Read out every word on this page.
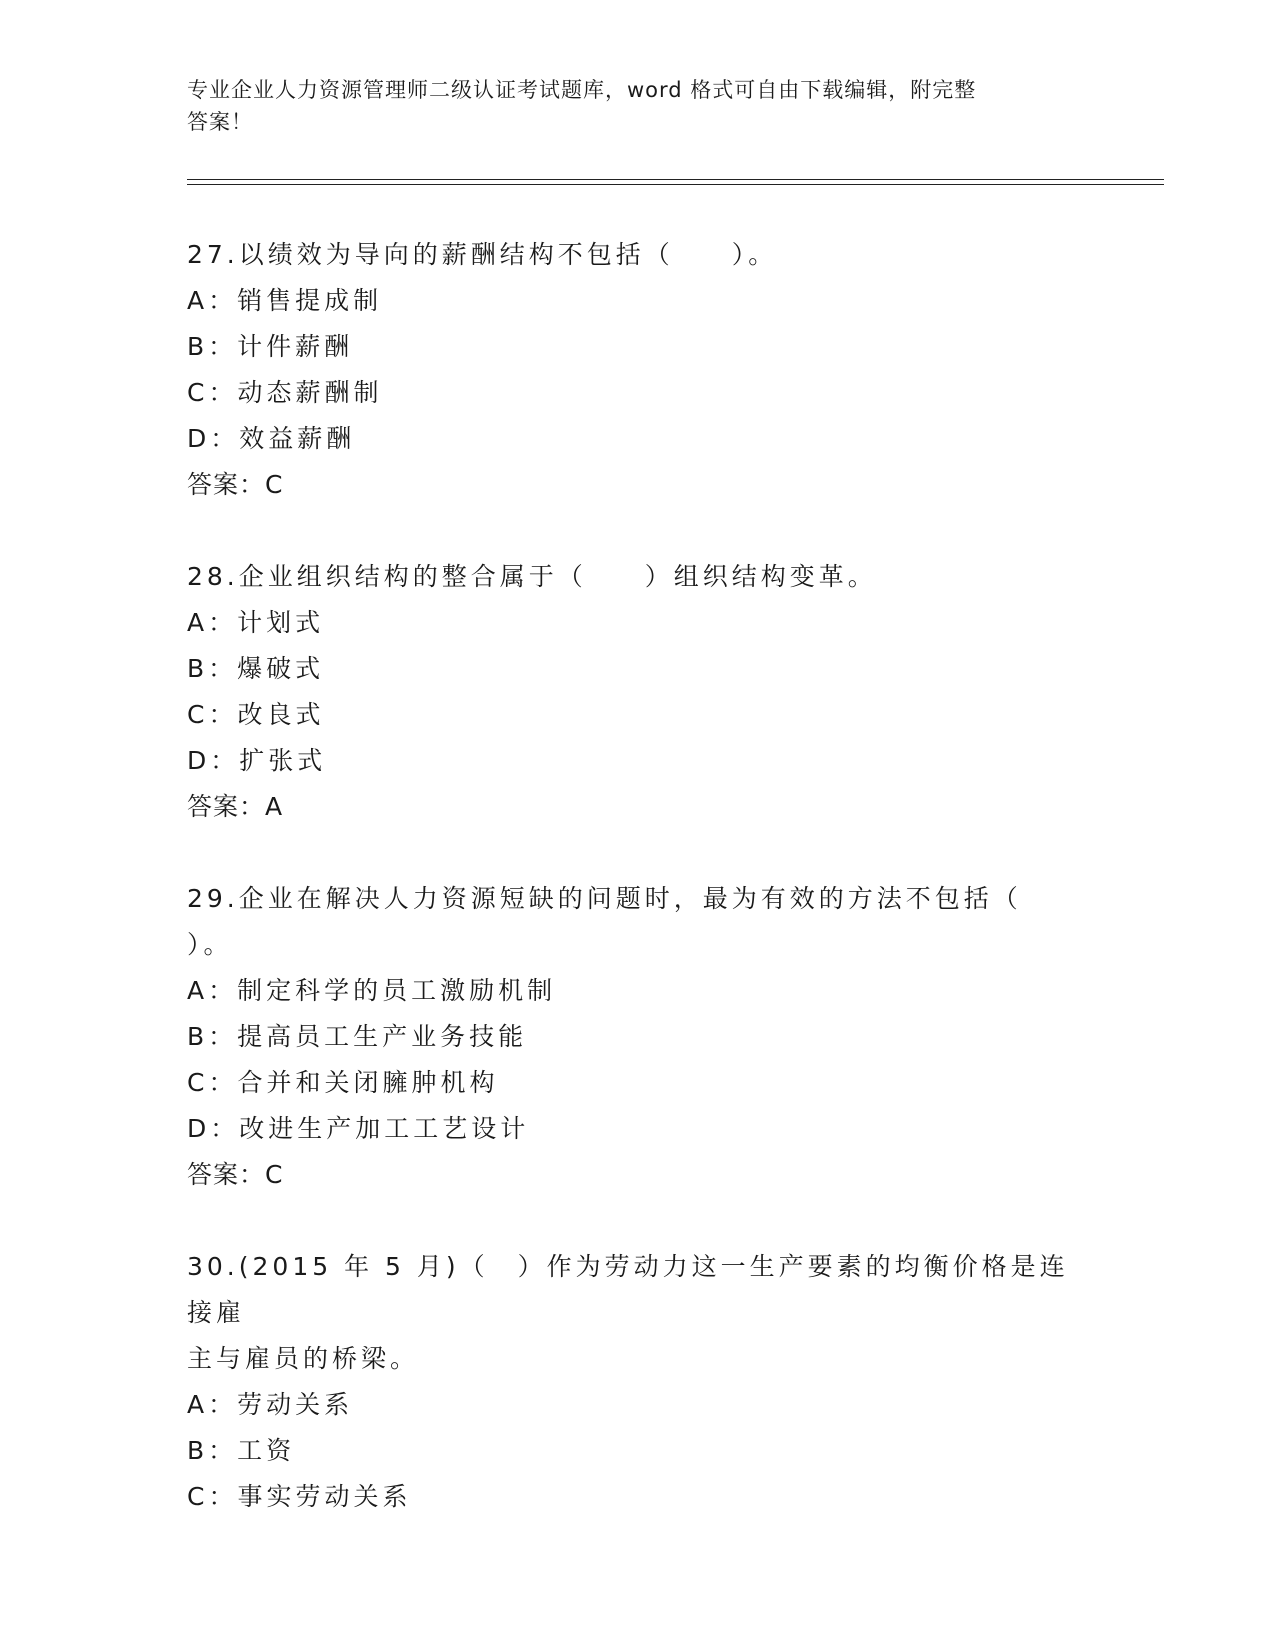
专业企业人力资源管理师二级认证考试题库，word 格式可自由下载编辑，附完整
答案！
27.以绩效为导向的薪酬结构不包括（　　）。
A：销售提成制
B：计件薪酬
C：动态薪酬制
D：效益薪酬
答案：C
28.企业组织结构的整合属于（　　）组织结构变革。
A：计划式
B：爆破式
C：改良式
D：扩张式
答案：A
29.企业在解决人力资源短缺的问题时，最为有效的方法不包括（
）。
A：制定科学的员工激励机制
B：提高员工生产业务技能
C：合并和关闭臃肿机构
D：改进生产加工工艺设计
答案：C
30.(2015 年 5 月)（　）作为劳动力这一生产要素的均衡价格是连接雇
主与雇员的桥梁。
A：劳动关系
B：工资
C：事实劳动关系
